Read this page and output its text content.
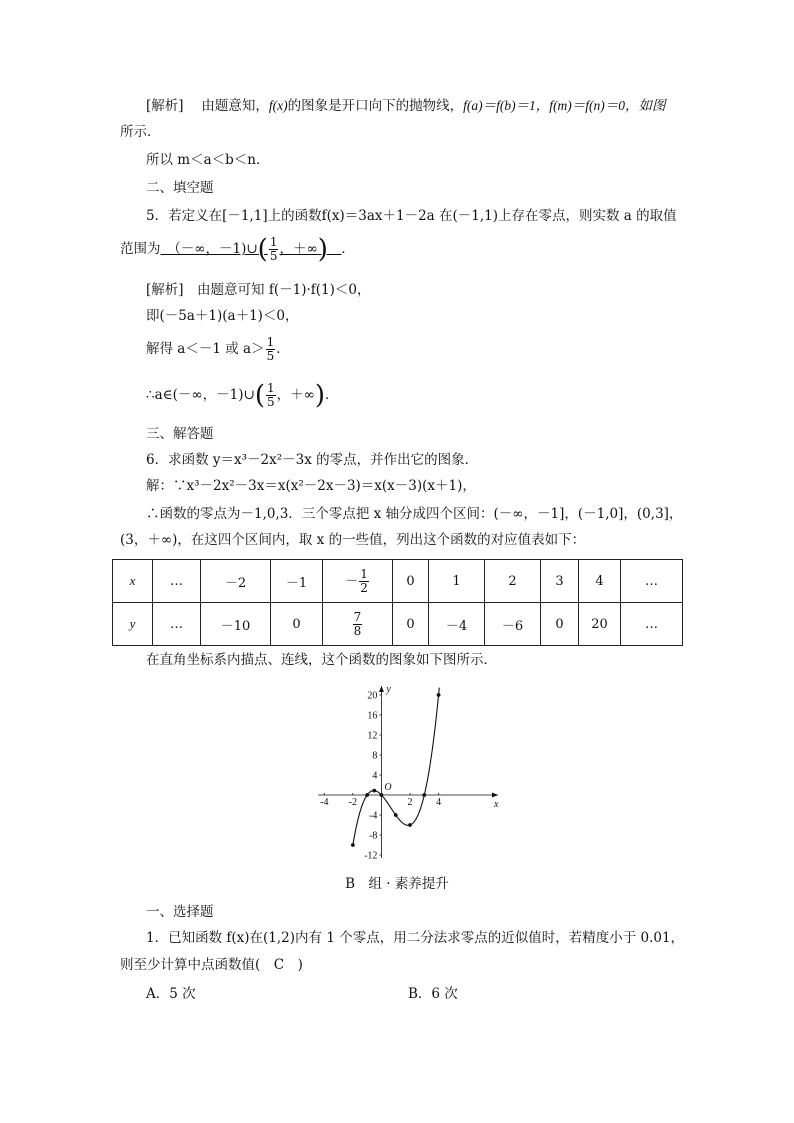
[解析]　 由题意知，f(x)的图象是开口向下的抛物线，f(a)＝f(b)＝1，f(m)＝f(n)＝0，如图
所示．
所以 m＜a＜b＜n．
二、填空题
5．若定义在[－1,1]上的函数f(x)＝3ax＋1－2a 在(－1,1)上存在零点，则实数 a 的取值
范围为　 （－∞，－1)∪( $\frac{1}{5}$ ，＋∞)　 ．
[解析]　 由题意可知 f(－1)·f(1)＜0，
即(－5a＋1)(a＋1)＜0，
解得 a＜－1 或 $a> \frac{1}{5}$ ．
∴a∈(－∞，－1)∪( $\frac{1}{5}$ ，＋∞)．
三、解答题
6．求函数 y＝x³－2x²－3x 的零点，并作出它的图象．
解：∵x³－2x²－3x＝x(x²－2x－3)＝x(x－3)(x＋1)，
∴函数的零点为－1,0,3．三个零点把 x 轴分成四个区间：(－∞，－1]，(－1,0]，(0,3]，
(3，＋∞)，在这四个区间内，取 x 的一些值，列出这个函数的对应值表如下：
x	…	－2	－1	－ $\frac{1}{2}$	0	1	2	3	4	…
y	…	－10	0	$\frac{7}{8}$	0	－4	－6	0	20	…
在直角坐标系内描点、连线，这个函数的图象如下图所示．
20
16
12
8
4
-4
-8
-12
-4 -2	2 4	x
y
O
B　组 · 素养提升
一、选择题
1．已知函数 f(x)在(1,2)内有 1 个零点，用二分法求零点的近似值时，若精度小于 0.01，
则至少计算中点函数值(　C　)
A．5 次	B．6 次
